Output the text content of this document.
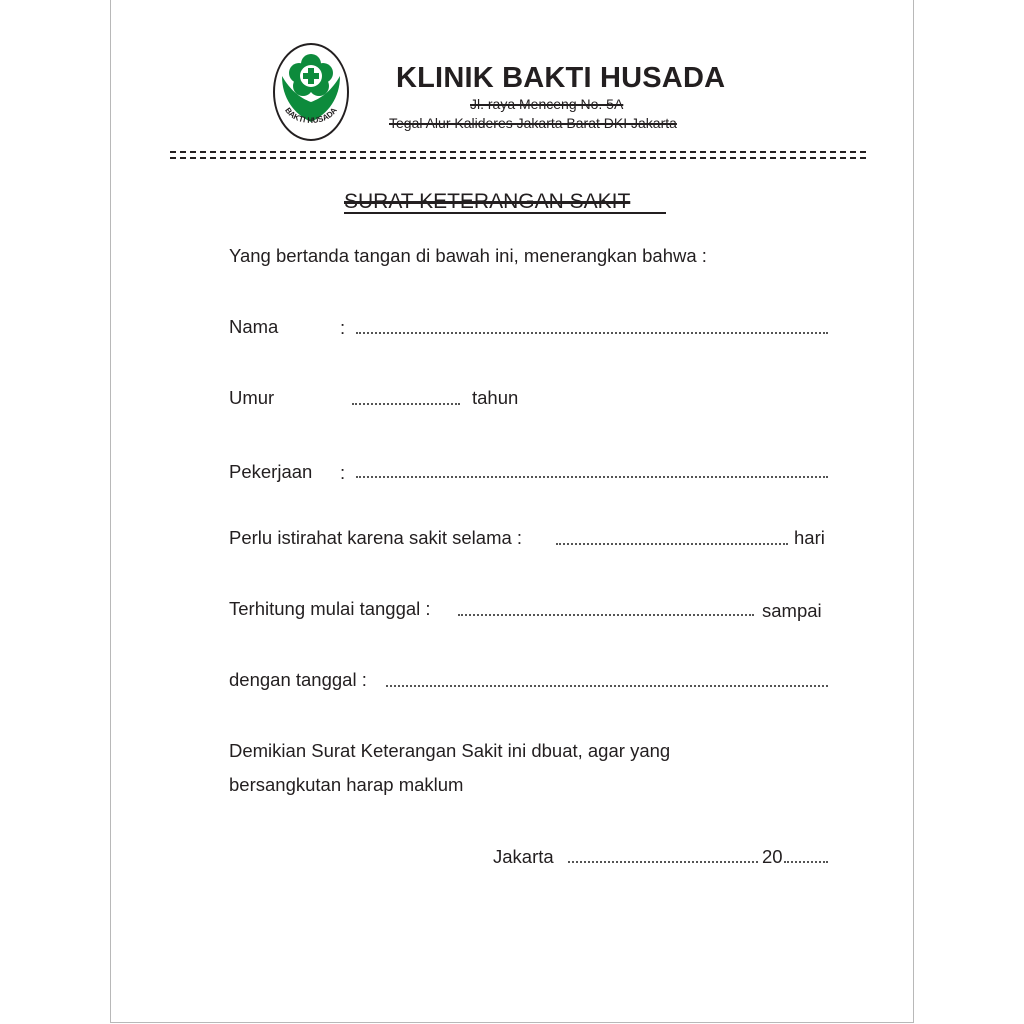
BAKTI HUSADA
KLINIK BAKTI HUSADA
Jl. raya Menceng No. 5A
Tegal Alur Kalideres Jakarta Barat DKI Jakarta
SURAT KETERANGAN SAKIT
Yang bertanda tangan di bawah ini, menerangkan bahwa :
Nama	:
Umur	tahun
Pekerjaan :
Perlu istirahat karena sakit selama :	hari
Terhitung mulai tanggal :	sampai
dengan tanggal :
Demikian Surat Keterangan Sakit ini dbuat, agar yang
bersangkutan harap maklum
Jakarta	20
